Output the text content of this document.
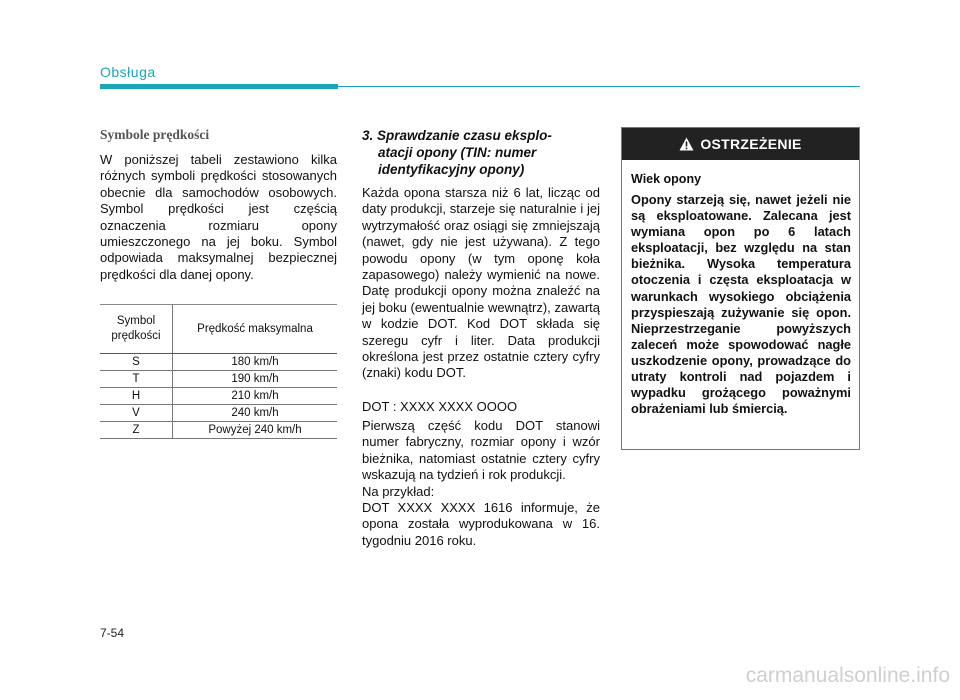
Obsługa
Symbole prędkości

W poniższej tabeli zestawiono kilka różnych symboli prędkości stosowanych obecnie dla samochodów osobowych. Symbol prędkości jest częścią oznaczenia rozmiaru opony umieszczonego na jej boku. Symbol odpowiada maksymalnej bezpiecznej prędkości dla danej opony.

Symbol
prędkości	Prędkość maksymalna
S	180 km/h
T	190 km/h
H	210 km/h
V	240 km/h
Z	Powyżej 240 km/h
3. Sprawdzanie czasu eksplo-
atacji opony (TIN: numer
identyfikacyjny opony)

Każda opona starsza niż 6 lat, licząc od daty produkcji, starzeje się naturalnie i jej wytrzymałość oraz osiągi się zmniejszają (nawet, gdy nie jest używana). Z tego powodu opony (w tym oponę koła zapasowego) należy wymienić na nowe. Datę produkcji opony można znaleźć na jej boku (ewentualnie wewnątrz), zawartą w kodzie DOT. Kod DOT składa się szeregu cyfr i liter. Data produkcji określona jest przez ostatnie cztery cyfry (znaki) kodu DOT.

DOT : XXXX XXXX OOOO

Pierwszą część kodu DOT stanowi numer fabryczny, rozmiar opony i wzór bieżnika, natomiast ostatnie cztery cyfry wskazują na tydzień i rok produkcji.

Na przykład:

DOT XXXX XXXX 1616 informuje, że opona została wyprodukowana w 16. tygodniu 2016 roku.

OSTRZEŻENIE

Wiek opony

Opony starzeją się, nawet jeżeli nie są eksploatowane. Zalecana jest wymiana opon po 6 latach eksploatacji, bez względu na stan bieżnika. Wysoka temperatura otoczenia i częsta eksploatacja w warunkach wysokiego obciążenia przyspieszają zużywanie się opon. Nieprzestrzeganie powyższych zaleceń może spowodować nagłe uszkodzenie opony, prowadzące do utraty kontroli nad pojazdem i wypadku grożącego poważnymi obrażeniami lub śmiercią.

7-54
carmanualsonline.info
